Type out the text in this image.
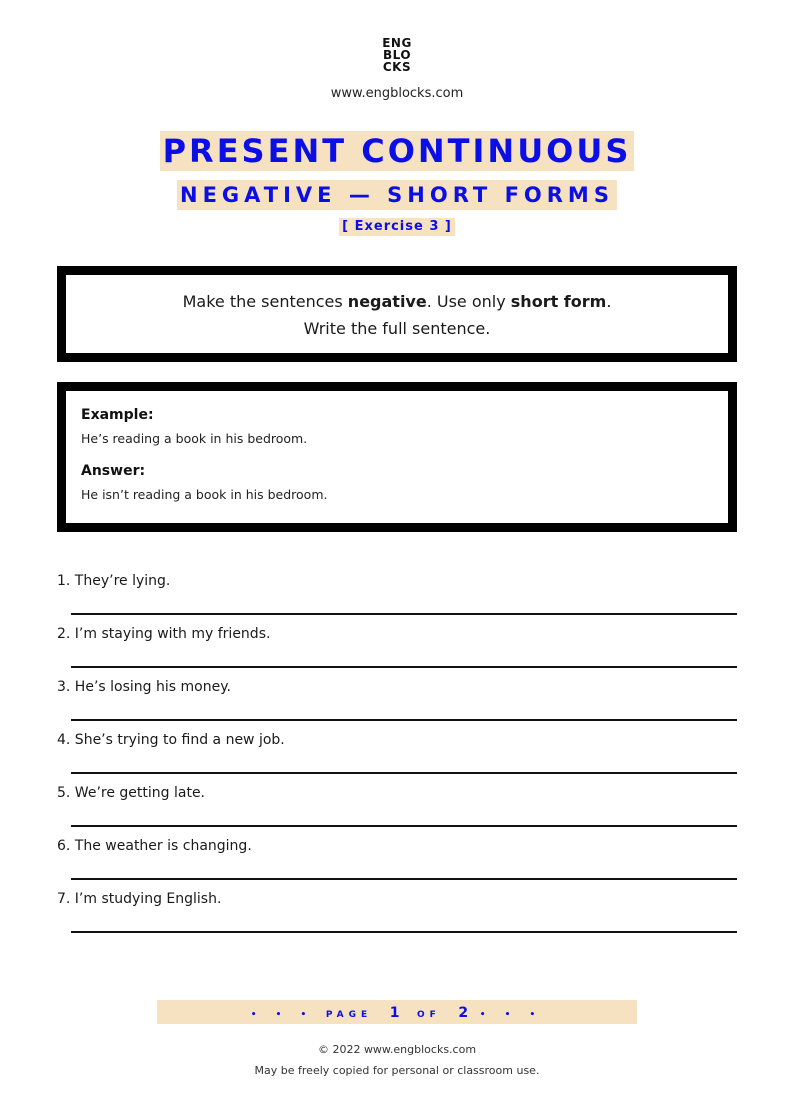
ENG
BLO
CKS
www.engblocks.com
PRESENT CONTINUOUS
NEGATIVE — SHORT FORMS
[ Exercise 3 ]
Make the sentences negative. Use only short form.
Write the full sentence.
Example:
He’s reading a book in his bedroom.
Answer:
He isn’t reading a book in his bedroom.
1. They’re lying.
2. I’m staying with my friends.
3. He’s losing his money.
4. She’s trying to find a new job.
5. We’re getting late.
6. The weather is changing.
7. I’m studying English.
• • • PAGE 1 OF 2 • • •
© 2022 www.engblocks.com
May be freely copied for personal or classroom use.
